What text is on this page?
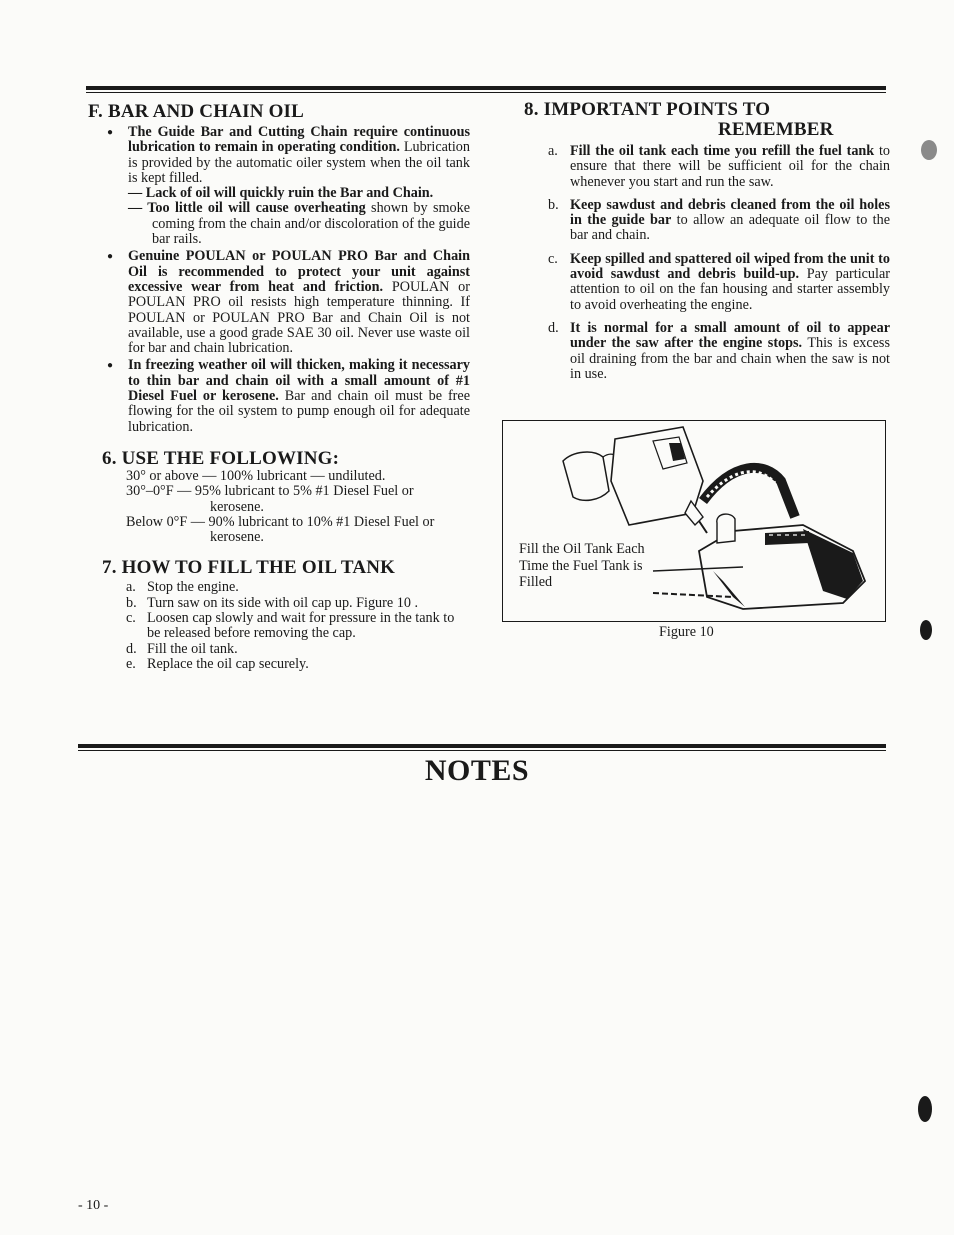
F. BAR AND CHAIN OIL
● The Guide Bar and Cutting Chain require continuous lubrication to remain in operating condition. Lubrication is provided by the automatic oiler system when the oil tank is kept filled.
— Lack of oil will quickly ruin the Bar and Chain.
— Too little oil will cause overheating shown by smoke coming from the chain and/or discoloration of the guide bar rails.
● Genuine POULAN or POULAN PRO Bar and Chain Oil is recommended to protect your unit against excessive wear from heat and friction. POULAN or POULAN PRO oil resists high temperature thinning. If POULAN or POULAN PRO Bar and Chain Oil is not available, use a good grade SAE 30 oil. Never use waste oil for bar and chain lubrication.
● In freezing weather oil will thicken, making it necessary to thin bar and chain oil with a small amount of #1 Diesel Fuel or kerosene. Bar and chain oil must be free flowing for the oil system to pump enough oil for adequate lubrication.
6. USE THE FOLLOWING:
30° or above — 100% lubricant — undiluted.
30°–0°F — 95% lubricant to 5% #1 Diesel Fuel or kerosene.
Below 0°F — 90% lubricant to 10% #1 Diesel Fuel or kerosene.
7. HOW TO FILL THE OIL TANK
a. Stop the engine.
b. Turn saw on its side with oil cap up. Figure 10 .
c. Loosen cap slowly and wait for pressure in the tank to be released before removing the cap.
d. Fill the oil tank.
e. Replace the oil cap securely.
8. IMPORTANT POINTS TO
REMEMBER
a. Fill the oil tank each time you refill the fuel tank to ensure that there will be sufficient oil for the chain whenever you start and run the saw.
b. Keep sawdust and debris cleaned from the oil holes in the guide bar to allow an adequate oil flow to the bar and chain.
c. Keep spilled and spattered oil wiped from the unit to avoid sawdust and debris build-up. Pay particular attention to oil on the fan housing and starter assembly to avoid overheating the engine.
d. It is normal for a small amount of oil to appear under the saw after the engine stops. This is excess oil draining from the bar and chain when the saw is not in use.
Fill the Oil Tank Each Time the Fuel Tank is Filled
Figure 10
NOTES
- 10 -
